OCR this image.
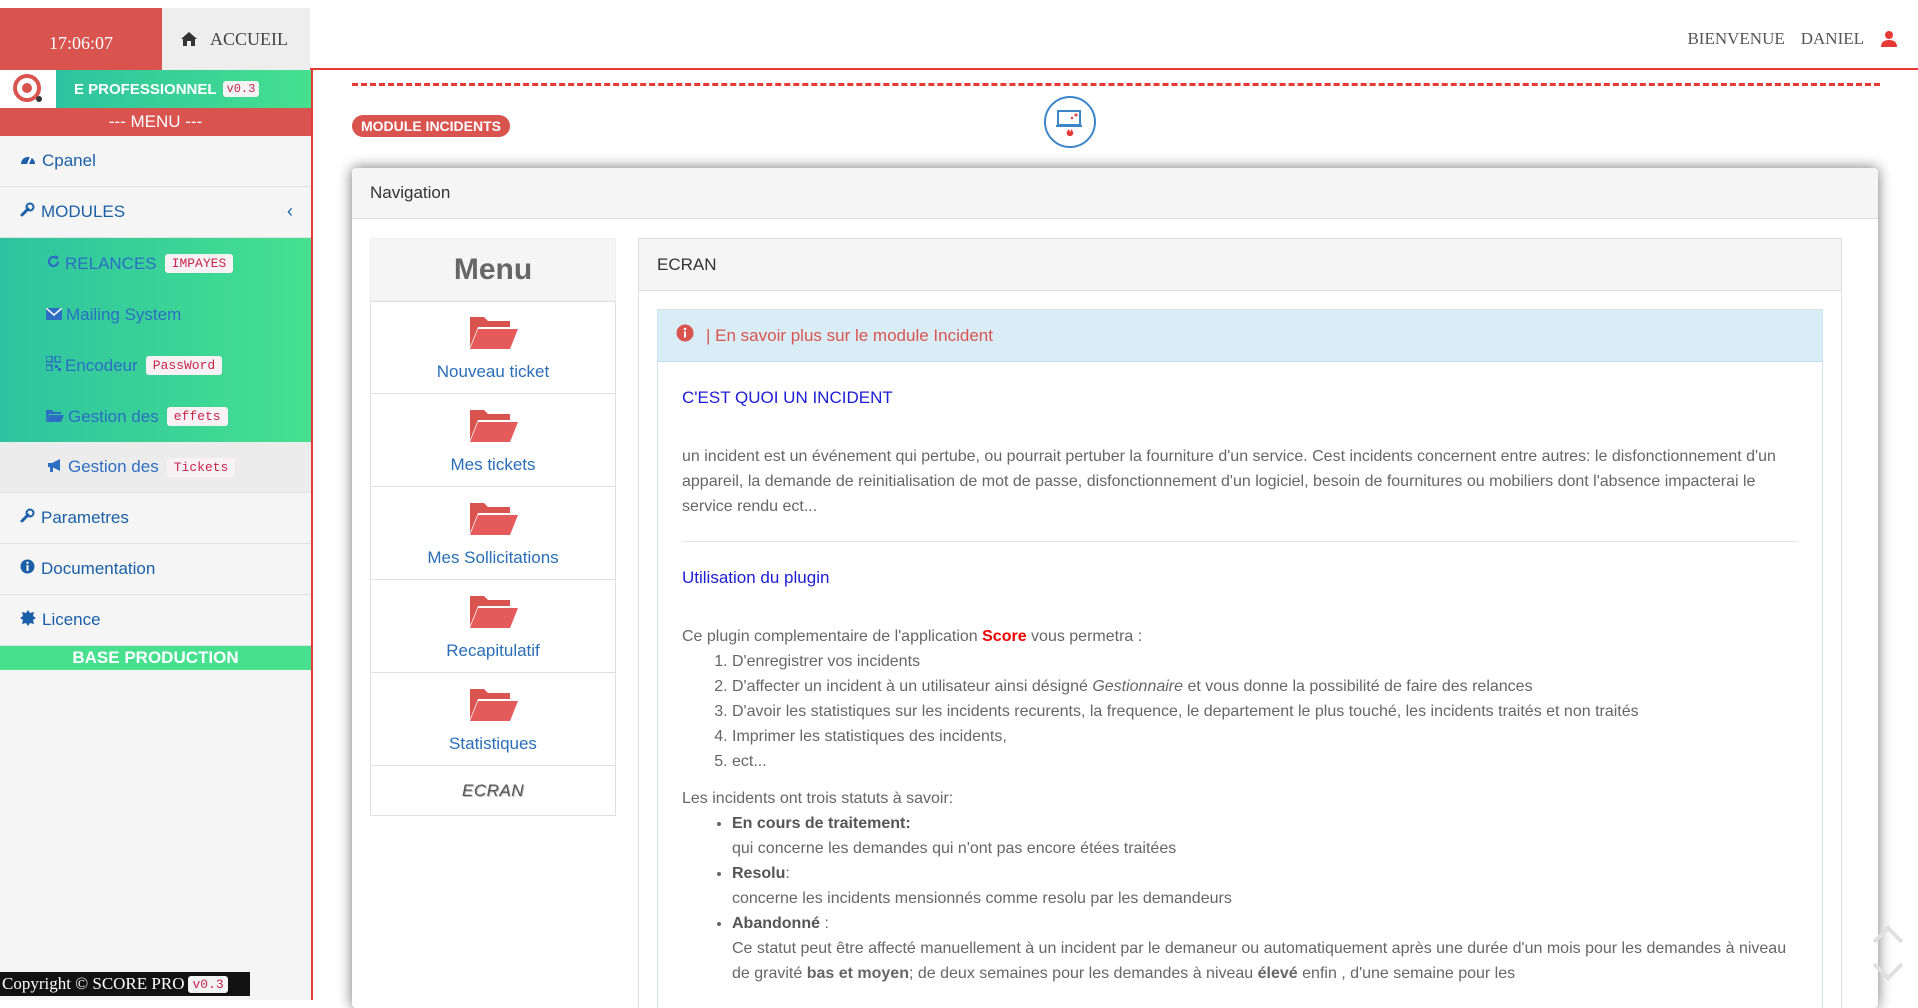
17:06:07	ACCUEIL	BIENVENUE DANIEL
E PROFESSIONNEL v0.3
--- MENU ---
Cpanel
MODULES	‹
RELANCES	IMPAYES
Mailing System
Encodeur	PassWord
Gestion des	effets
Gestion des	Tickets
Parametres
Documentation
Licence
BASE PRODUCTION
Copyright © SCORE PRO v0.3
MODULE INCIDENTS
Navigation
Menu
Nouveau ticket
Mes tickets
Mes Sollicitations
Recapitulatif
Statistiques
ECRAN
ECRAN
| En savoir plus sur le module Incident
C'EST QUOI UN INCIDENT
un incident est un événement qui pertube, ou pourrait pertuber la fourniture d'un service. Cest incidents concernent entre autres: le disfonctionnement d'un appareil, la demande de reinitialisation de mot de passe, disfonctionnement d'un logiciel, besoin de fournitures ou mobiliers dont l'absence impacterai le service rendu ect...
Utilisation du plugin
Ce plugin complementaire de l'application Score vous permetra :
1. D'enregistrer vos incidents
2. D'affecter un incident à un utilisateur ainsi désigné Gestionnaire et vous donne la possibilité de faire des relances
3. D'avoir les statistiques sur les incidents recurents, la frequence, le departement le plus touché, les incidents traités et non traités
4. Imprimer les statistiques des incidents,
5. ect...
Les incidents ont trois statuts à savoir:
• En cours de traitement:
qui concerne les demandes qui n'ont pas encore étées traitées
• Resolu:
concerne les incidents mensionnés comme resolu par les demandeurs
• Abandonné :
Ce statut peut être affecté manuellement à un incident par le demaneur ou automatiquement après une durée d'un mois pour les demandes à niveau de gravité bas et moyen; de deux semaines pour les demandes à niveau élevé enfin , d'une semaine pour les
